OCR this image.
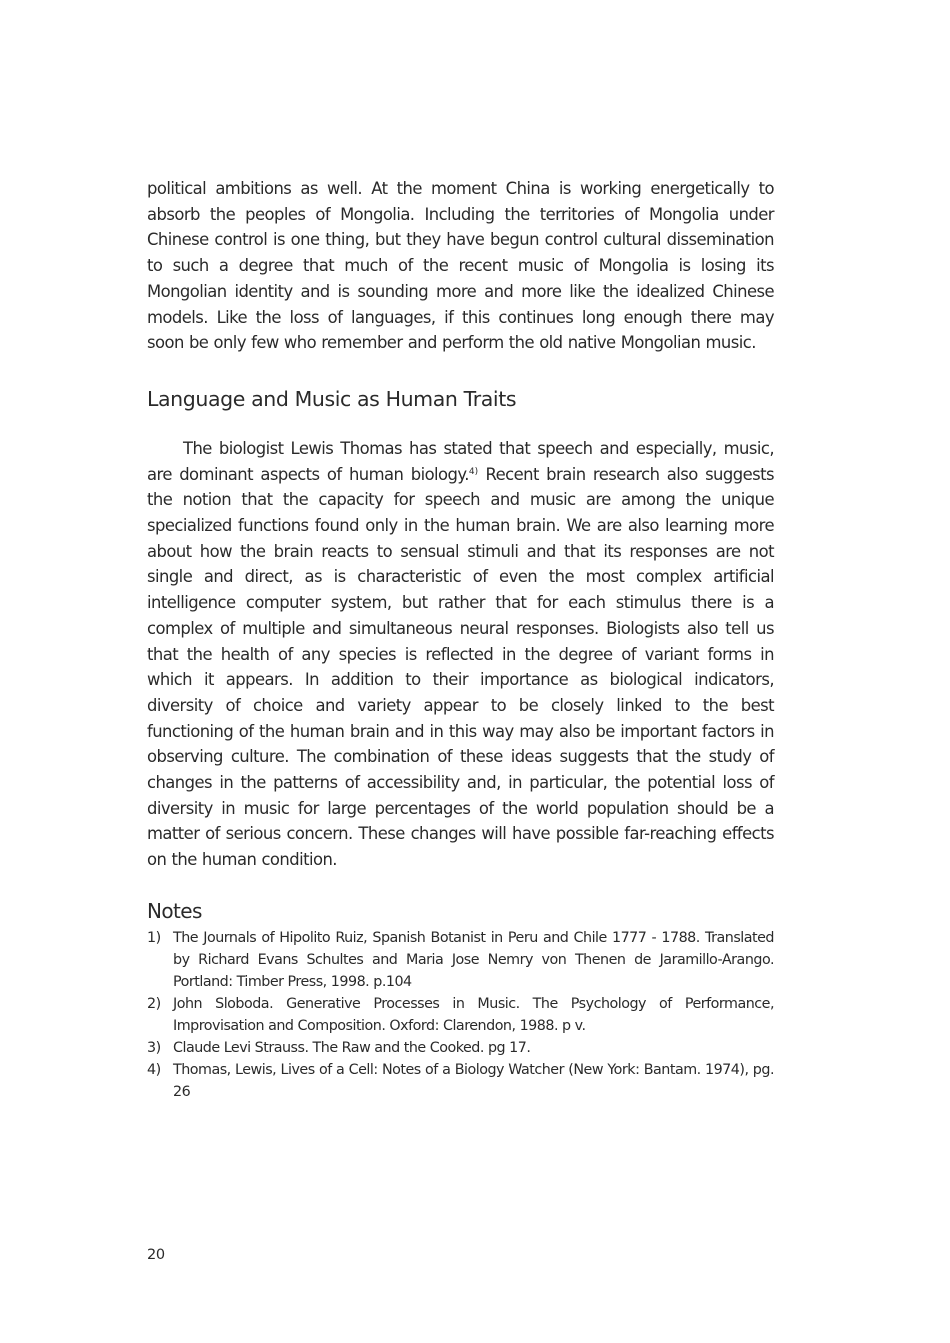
political ambitions as well. At the moment China is working energetically to absorb the peoples of Mongolia. Including the territories of Mongolia under Chinese control is one thing, but they have begun control cultural dissemination to such a degree that much of the recent music of Mongolia is losing its Mongolian identity and is sounding more and more like the idealized Chinese models. Like the loss of languages, if this continues long enough there may soon be only few who remember and perform the old native Mongolian music.

Language and Music as Human Traits

The biologist Lewis Thomas has stated that speech and especially, music, are dominant aspects of human biology.$^{4)}$ Recent brain research also suggests the notion that the capacity for speech and music are among the unique specialized functions found only in the human brain. We are also learning more about how the brain reacts to sensual stimuli and that its responses are not single and direct, as is characteristic of even the most complex artificial intelligence computer system, but rather that for each stimulus there is a complex of multiple and simultaneous neural responses. Biologists also tell us that the health of any species is reflected in the degree of variant forms in which it appears. In addition to their importance as biological indicators, diversity of choice and variety appear to be closely linked to the best functioning of the human brain and in this way may also be important factors in observing culture. The combination of these ideas suggests that the study of changes in the patterns of accessibility and, in particular, the potential loss of diversity in music for large percentages of the world population should be a matter of serious concern. These changes will have possible far-reaching effects on the human condition.

Notes
1) The Journals of Hipolito Ruiz, Spanish Botanist in Peru and Chile 1777 - 1788. Translated by Richard Evans Schultes and Maria Jose Nemry von Thenen de Jaramillo-Arango. Portland: Timber Press, 1998. p.104
2) John Sloboda. Generative Processes in Music. The Psychology of Performance, Improvisation and Composition. Oxford: Clarendon, 1988. p v.
3) Claude Levi Strauss. The Raw and the Cooked. pg 17.
4) Thomas, Lewis, Lives of a Cell: Notes of a Biology Watcher (New York: Bantam. 1974), pg. 26
20
